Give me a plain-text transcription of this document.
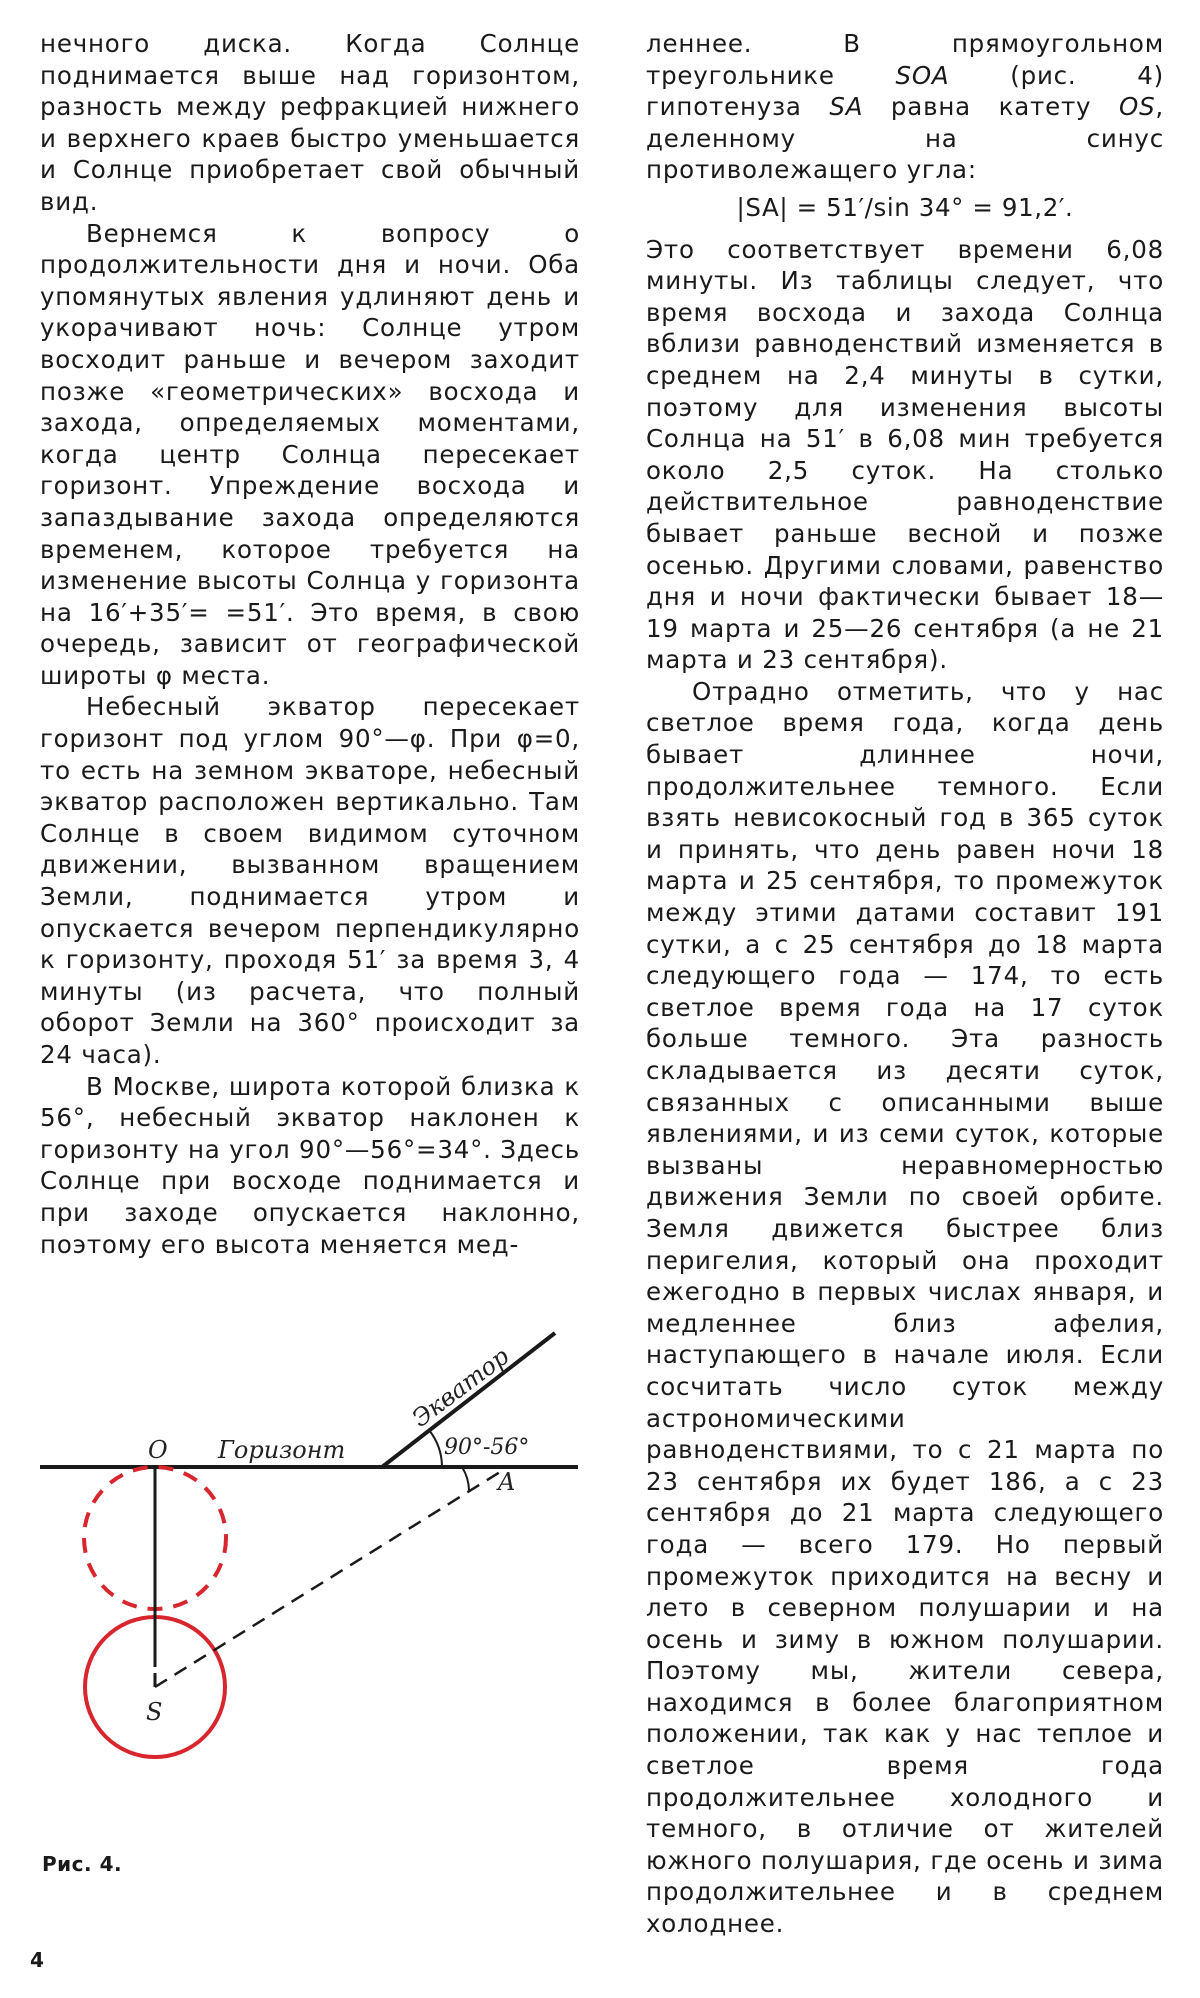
нечного диска. Когда Солнце поднимается выше над горизонтом, разность между рефракцией нижнего и верхнего краев быстро уменьшается и Солнце приобретает свой обычный вид.

Вернемся к вопросу о продолжительности дня и ночи. Оба упомянутых явления удлиняют день и укорачивают ночь: Солнце утром восходит раньше и вечером заходит позже «геометрических» восхода и захода, определяемых моментами, когда центр Солнца пересекает горизонт. Упреждение восхода и запаздывание захода определяются временем, которое требуется на изменение высоты Солнца у горизонта на 16′+35′= =51′. Это время, в свою очередь, зависит от географической широты φ места.

Небесный экватор пересекает горизонт под углом 90°—φ. При φ=0, то есть на земном экваторе, небесный экватор расположен вертикально. Там Солнце в своем видимом суточном движении, вызванном вращением Земли, поднимается утром и опускается вечером перпендикулярно к горизонту, проходя 51′ за время 3, 4 минуты (из расчета, что полный оборот Земли на 360° происходит за 24 часа).

В Москве, широта которой близка к 56°, небесный экватор наклонен к горизонту на угол 90°—56°=34°. Здесь Солнце при восходе поднимается и при заходе опускается наклонно, поэтому его высота меняется мед-

леннее. В прямоугольном треугольнике SOA (рис. 4) гипотенуза SA равна катету OS, деленному на синус противолежащего угла:

|SA| = 51′/sin 34° = 91,2′.

Это соответствует времени 6,08 минуты. Из таблицы следует, что время восхода и захода Солнца вблизи равноденствий изменяется в среднем на 2,4 минуты в сутки, поэтому для изменения высоты Солнца на 51′ в 6,08 мин требуется около 2,5 суток. На столько действительное равноденствие бывает раньше весной и позже осенью. Другими словами, равенство дня и ночи фактически бывает 18—19 марта и 25—26 сентября (а не 21 марта и 23 сентября).

Отрадно отметить, что у нас светлое время года, когда день бывает длиннее ночи, продолжительнее темного. Если взять невисокосный год в 365 суток и принять, что день равен ночи 18 марта и 25 сентября, то промежуток между этими датами составит 191 сутки, а с 25 сентября до 18 марта следующего года — 174, то есть светлое время года на 17 суток больше темного. Эта разность складывается из десяти суток, связанных с описанными выше явлениями, и из семи суток, которые вызваны неравномерностью движения Земли по своей орбите. Земля движется быстрее близ перигелия, который она проходит ежегодно в первых числах января, и медленнее близ афелия, наступающего в начале июля. Если сосчитать число суток между астрономическими равноденствиями, то с 21 марта по 23 сентября их будет 186, а с 23 сентября до 21 марта следующего года — всего 179. Но первый промежуток приходится на весну и лето в северном полушарии и на осень и зиму в южном полушарии. Поэтому мы, жители севера, находимся в более благоприятном положении, так как у нас теплое и светлое время года продолжительнее холодного и темного, в отличие от жителей южного полушария, где осень и зима продолжительнее и в среднем холоднее.

O Горизонт
Экватор
90°-56°
A
S
Рис. 4.
4
